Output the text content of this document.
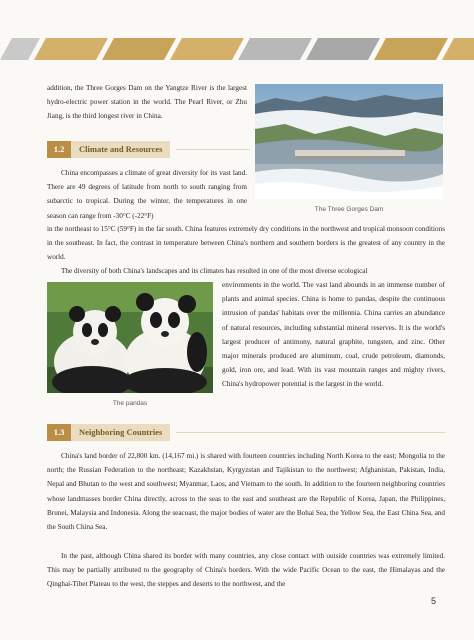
addition, the Three Gorges Dam on the Yangtze River is the largest hydro-electric power station in the world. The Pearl River, or Zhu Jiang, is the third longest river in China.

The Three Gorges Dam
1.2	Climate and Resources

China encompasses a climate of great diversity for its vast land. There are 49 degrees of latitude from north to south ranging from subarctic to tropical. During the winter, the temperatures in one season can range from -30°C (-22°F)

in the northeast to 15°C (59°F) in the far south. China features extremely dry conditions in the northwest and tropical monsoon conditions in the southeast. In fact, the contrast in temperature between China's northern and southern borders is the greatest of any country in the world.

The diversity of both China's landscapes and its climates has resulted in one of the most diverse ecological

environments in the world. The vast land abounds in an immense number of plants and animal species. China is home to pandas, despite the continuous intrusion of pandas' habitats over the millennia. China carries an abundance of natural resources, including substantial mineral reserves. It is the world's largest producer of antimony, natural graphite, tungsten, and zinc. Other major minerals produced are aluminum, coal, crude petroleum, diamonds, gold, iron ore, and lead. With its vast mountain ranges and mighty rivers, China's hydropower potential is the largest in the world.

The pandas
1.3	Neighboring Countries

China's land border of 22,800 km. (14,167 mi.) is shared with fourteen countries including North Korea to the east; Mongolia to the north; the Russian Federation to the northeast; Kazakhstan, Kyrgyzstan and Tajikistan to the northwest; Afghanistan, Pakistan, India, Nepal and Bhutan to the west and southwest; Myanmar, Laos, and Vietnam to the south. In addition to the fourteen neighboring countries whose landmasses border China directly, across to the seas to the east and southeast are the Republic of Korea, Japan, the Philippines, Brunei, Malaysia and Indonesia. Along the seacoast, the major bodies of water are the Bohai Sea, the Yellow Sea, the East China Sea, and the South China Sea.

In the past, although China shared its border with many countries, any close contact with outside countries was extremely limited. This may be partially attributed to the geography of China's borders. With the wide Pacific Ocean to the east, the Himalayas and the Qinghai-Tibet Plateau to the west, the steppes and deserts to the northwest, and the

5
